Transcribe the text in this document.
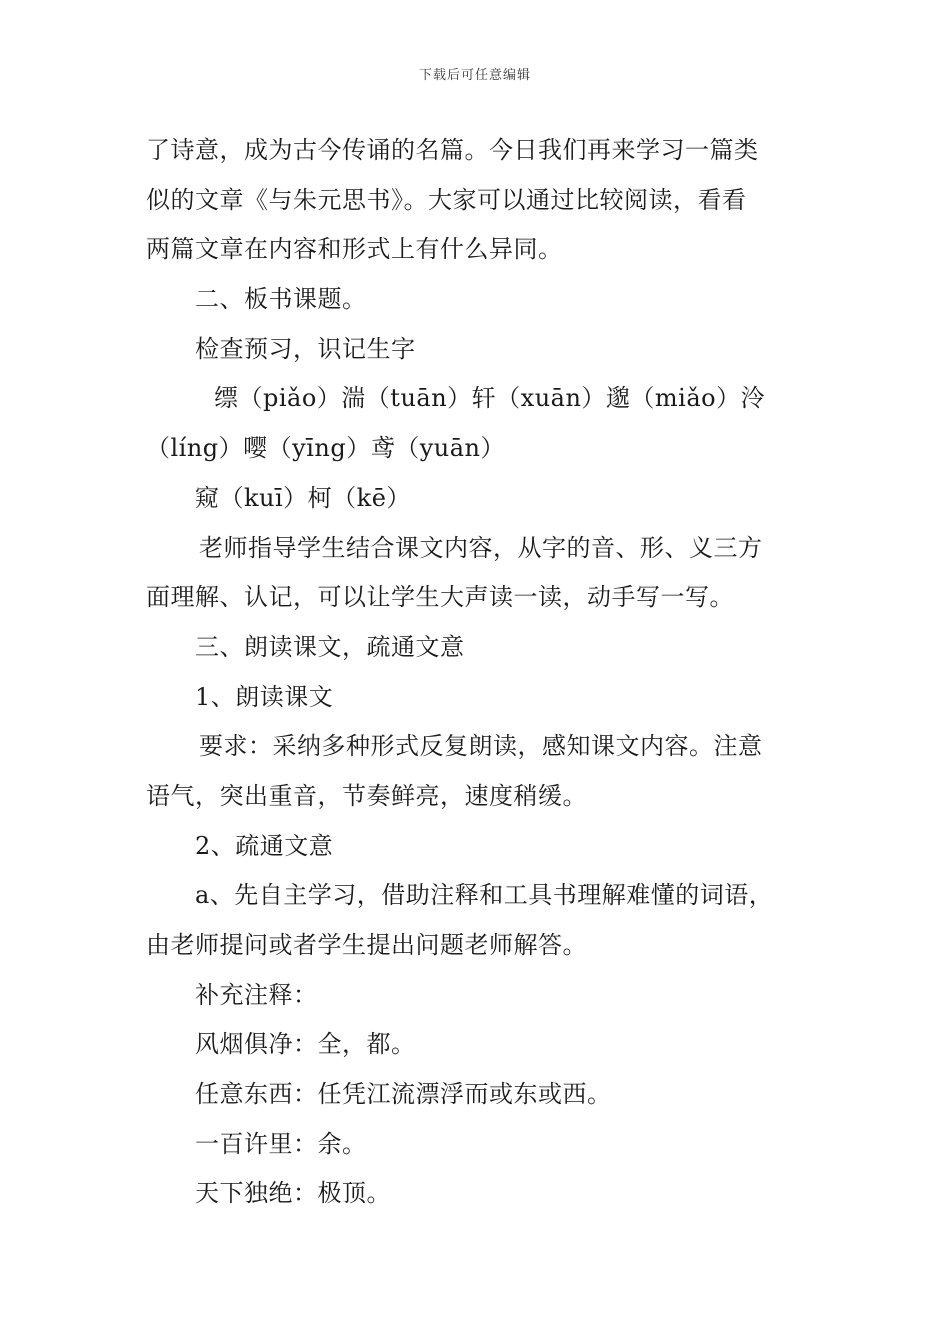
下载后可任意编辑
了诗意，成为古今传诵的名篇。今日我们再来学习一篇类
似的文章《与朱元思书》。大家可以通过比较阅读，看看
两篇文章在内容和形式上有什么异同。
二、板书课题。
检查预习，识记生字
缥（piǎo）湍（tuān）轩（xuān）邈（miǎo）泠
（líng）嘤（yīng）鸢（yuān）
窥（kuī）柯（kē）
老师指导学生结合课文内容，从字的音、形、义三方
面理解、认记，可以让学生大声读一读，动手写一写。
三、朗读课文，疏通文意
1、朗读课文
要求：采纳多种形式反复朗读，感知课文内容。注意
语气，突出重音，节奏鲜亮，速度稍缓。
2、疏通文意
a、先自主学习，借助注释和工具书理解难懂的词语，
由老师提问或者学生提出问题老师解答。
补充注释：
风烟俱净：全，都。
任意东西：任凭江流漂浮而或东或西。
一百许里：余。
天下独绝：极顶。
